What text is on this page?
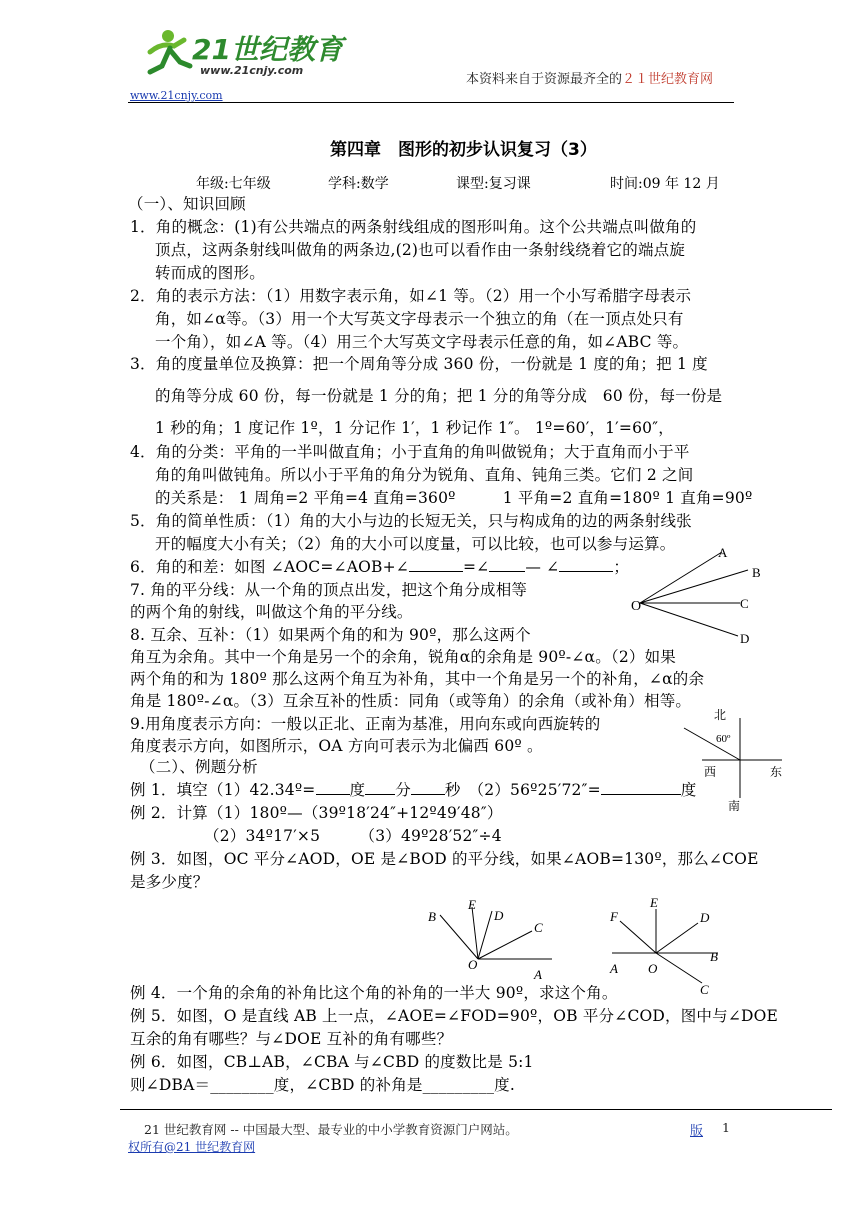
21世纪教育
www.21cnjy.com
本资料来自于资源最齐全的２１世纪教育网
www.21cnjy.com
第四章　图形的初步认识复习（3）
年级:七年级	学科:数学	课型:复习课	时间:09 年 12 月
（一）、知识回顾
1．角的概念：(1)有公共端点的两条射线组成的图形叫角。这个公共端点叫做角的
顶点，这两条射线叫做角的两条边,(2)也可以看作由一条射线绕着它的端点旋
转而成的图形。
2．角的表示方法：（1）用数字表示角，如∠1 等。（2）用一个小写希腊字母表示
角，如∠α等。（3）用一个大写英文字母表示一个独立的角（在一顶点处只有
一个角），如∠A 等。（4）用三个大写英文字母表示任意的角，如∠ABC 等。
3．角的度量单位及换算：把一个周角等分成 360 份，一份就是 1 度的角；把 1 度
的角等分成 60 份，每一份就是 1 分的角；把 1 分的角等分成　60 份，每一份是
1 秒的角；1 度记作 1º，1 分记作 1′，1 秒记作 1″。 1º=60′，1′=60″，
4．角的分类：平角的一半叫做直角；小于直角的角叫做锐角；大于直角而小于平
角的角叫做钝角。所以小于平角的角分为锐角、直角、钝角三类。它们 2 之间
的关系是： 1 周角=2 平角=4 直角=360º　　　1 平角=2 直角=180º 1 直角=90º
5．角的简单性质：（1）角的大小与边的长短无关，只与构成角的边的两条射线张
开的幅度大小有关；（2）角的大小可以度量，可以比较，也可以参与运算。
6．角的和差：如图 ∠AOC=∠AOB+∠	=∠ — ∠	；
A
B
C
D
O
7. 角的平分线：从一个角的顶点出发，把这个角分成相等
的两个角的射线，叫做这个角的平分线。
8. 互余、互补：（1）如果两个角的和为 90º，那么这两个
角互为余角。其中一个角是另一个的余角，锐角α的余角是 90º-∠α。（2）如果
两个角的和为 180º 那么这两个角互为补角，其中一个角是另一个的补角，∠α的余
角是 180º-∠α。（3）互余互补的性质：同角（或等角）的余角（或补角）相等。
9.用角度表示方向：一般以正北、正南为基准，用向东或向西旋转的
角度表示方向，如图所示，OA 方向可表示为北偏西 60º 。
北
60º
西	东
南
（二）、例题分析
例 1．填空（1）42.34º= 度 分 秒　（2）56º25′72″=	度
例 2．计算（1）180º—（39º18′24″+12º49′48″）
（2）34º17′×5　　　（3）49º28′52″÷4
例 3．如图，OC 平分∠AOD，OE 是∠BOD 的平分线，如果∠AOB=130º，那么∠COE
是多少度？
B
E
D
C
O
A
F
E
D
A O
B
C
例 4．一个角的余角的补角比这个角的补角的一半大 90º，求这个角。
例 5．如图，O 是直线 AB 上一点，∠AOE=∠FOD=90º，OB 平分∠COD，图中与∠DOE
互余的角有哪些？与∠DOE 互补的角有哪些？
例 6．如图，CB⊥AB，∠CBA 与∠CBD 的度数比是 5:1
则∠DBA＝________度，∠CBD 的补角是_________度.
21 世纪教育网 -- 中国最大型、最专业的中小学教育资源门户网站。	版 1
权所有@21 世纪教育网
